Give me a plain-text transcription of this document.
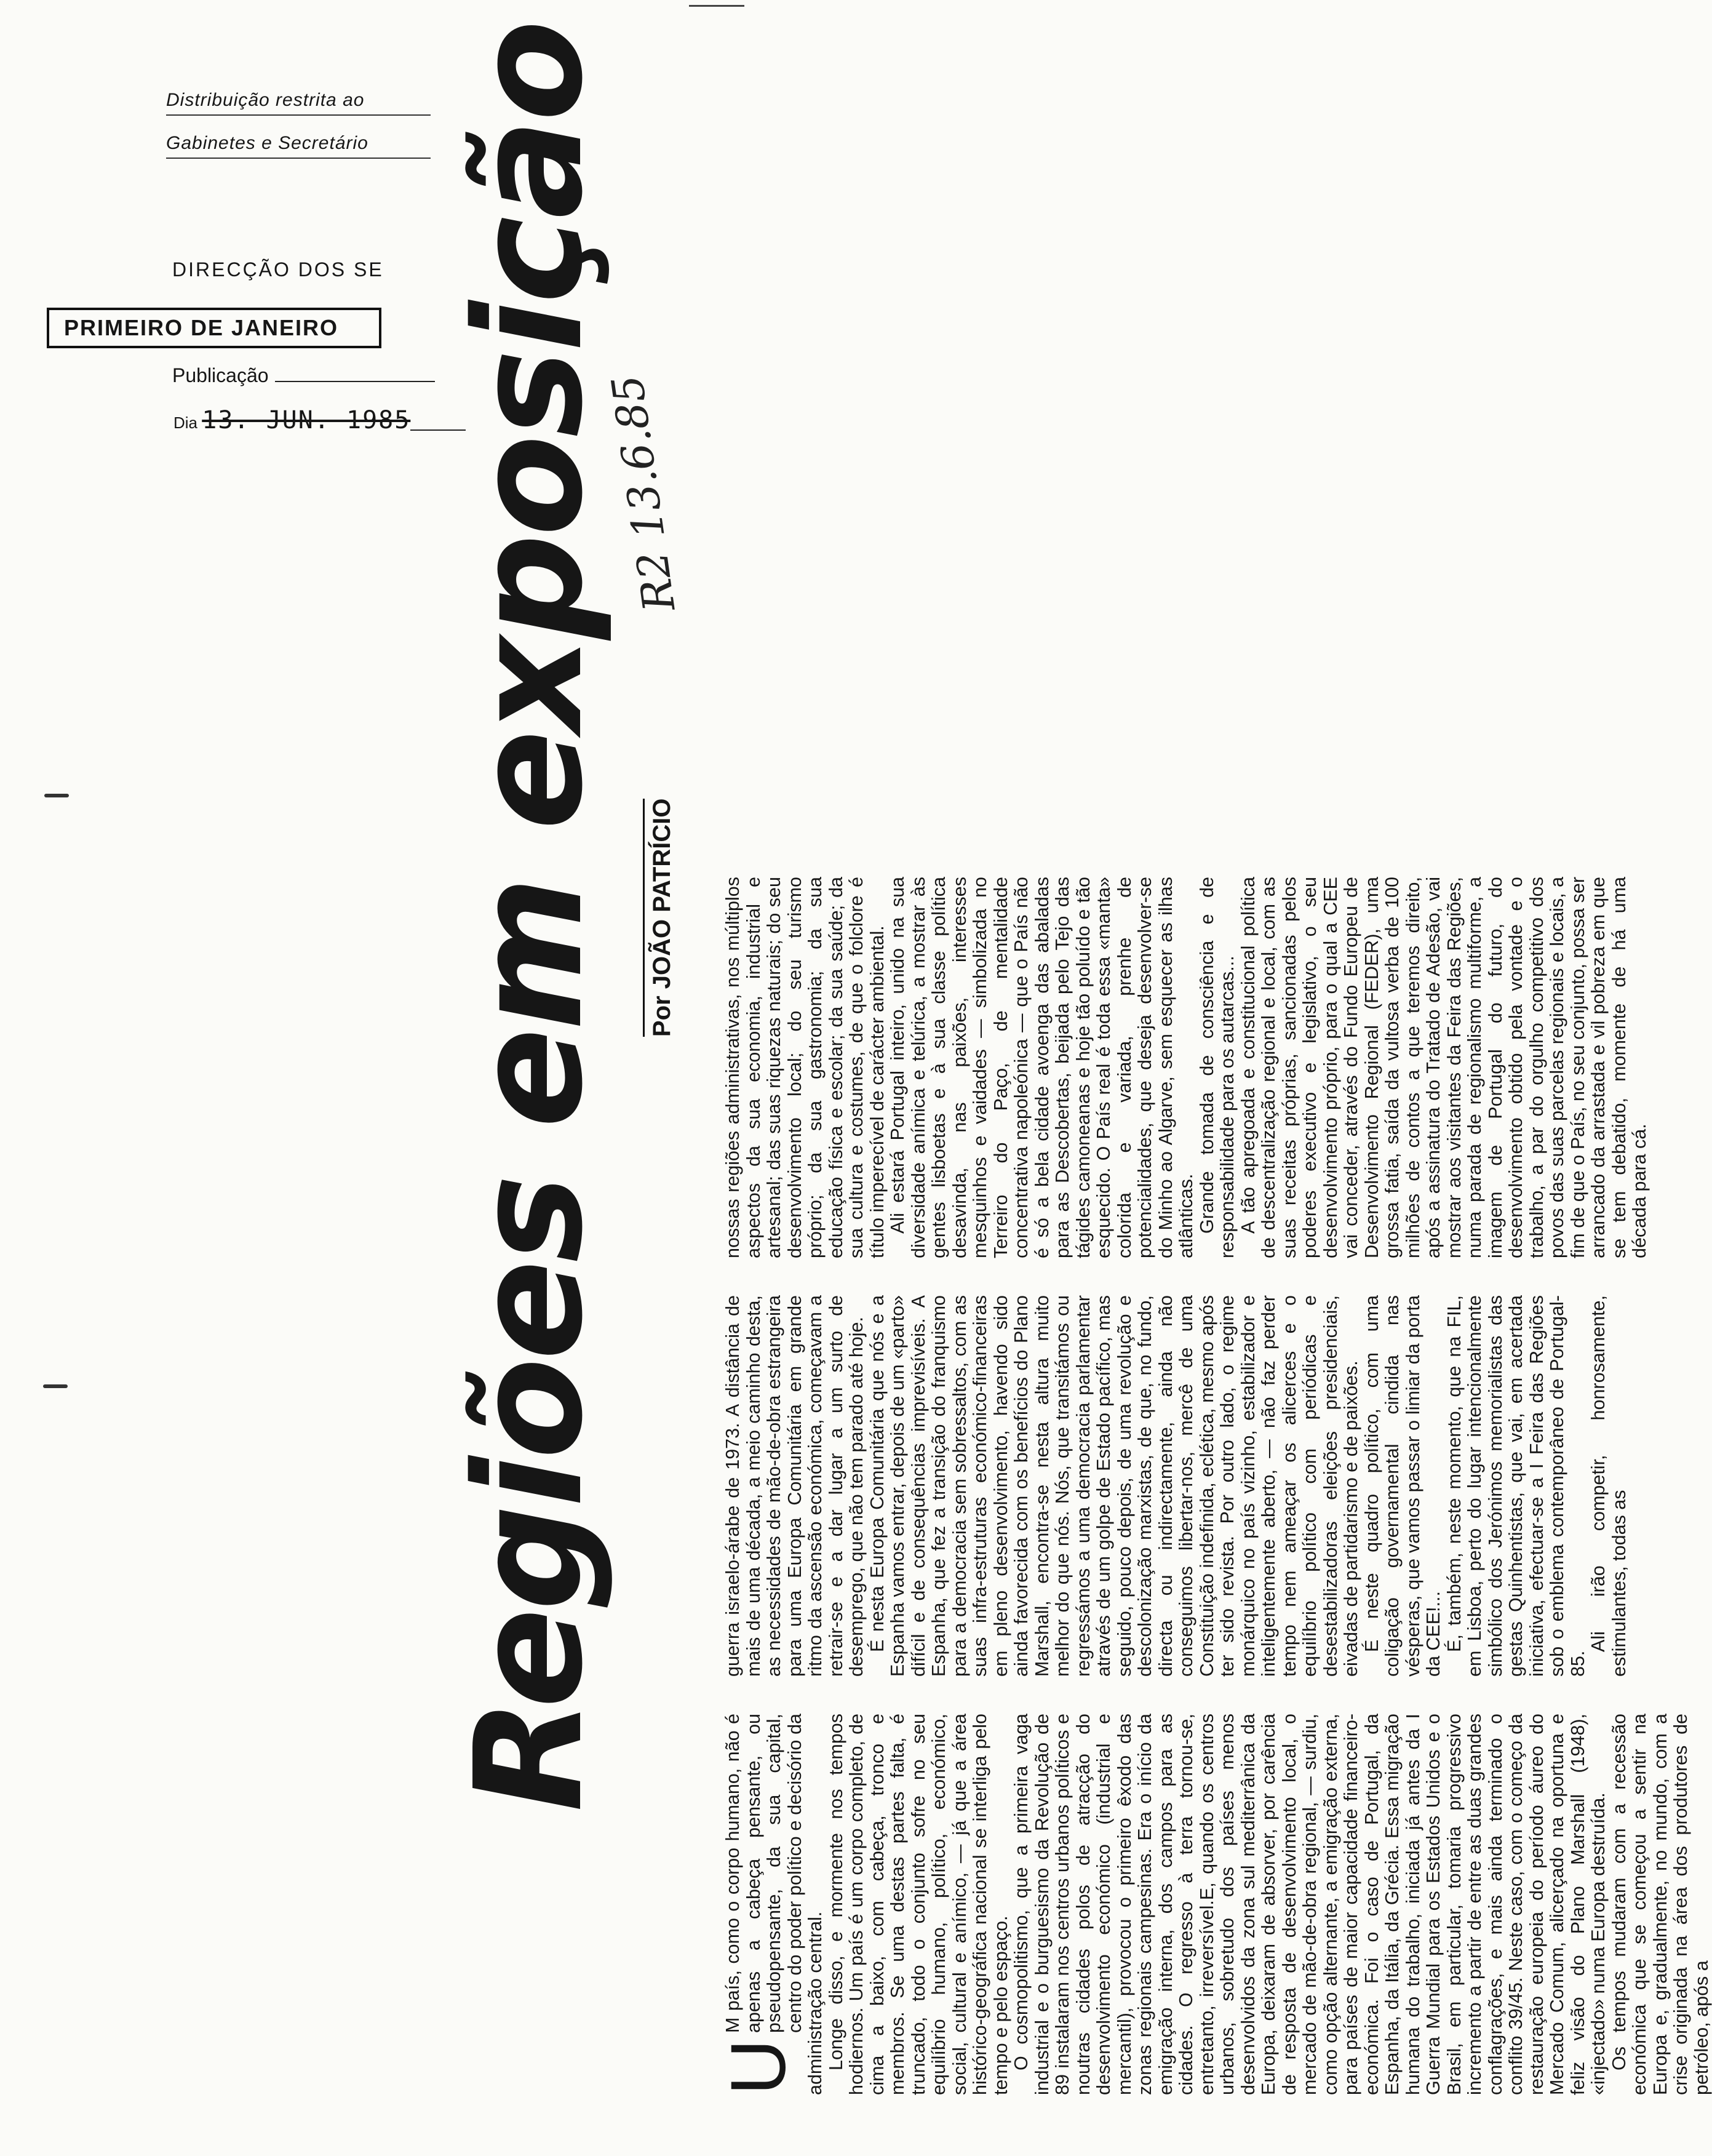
Distribuição restrita ao
Gabinetes e Secretário
DIRECÇÃO DOS SE
PRIMEIRO DE JANEIRO
Publicação
Dia 13. JUN. 1985 Regiões em exposição Por JOÃO PATRÍCIO
R2 13.6.85

U
M país, como o corpo humano, não é apenas a cabeça pensante, ou pseudopensante, da sua capital, centro do poder político e decisório da administração central. Longe disso, e mormente nos tempos hodiernos. Um país é um corpo completo, de cima a baixo, com cabeça, tronco e membros. Se uma destas partes falta, é truncado, todo o conjunto sofre no seu equilíbrio humano, político, económico, social, cultural e anímico, — já que a área histórico-geográfica nacional se interliga pelo tempo e pelo espaço. O cosmopolitismo, que a primeira vaga industrial e o burguesismo da Revolução de 89 instalaram nos centros urbanos políticos e noutras cidades polos de atracção do desenvolvimento económico (industrial e mercantil), provocou o primeiro êxodo das zonas regionais campesinas. Era o início da emigração interna, dos campos para as cidades. O regresso à terra tornou-se, entretanto, irreversível.E, quando os centros urbanos, sobretudo dos países menos desenvolvidos da zona sul mediterrânica da Europa, deixaram de absorver, por carência de resposta de desenvolvimento local, o mercado de mão-de-obra regional, — surdiu, como opção alternante, a emigração externa, para países de maior capacidade financeiro-económica. Foi o caso de Portugal, da Espanha, da Itália, da Grécia. Essa migração humana do trabalho, iniciada já antes da I Guerra Mundial para os Estados Unidos e o Brasil, em particular, tomaria progressivo incremento a partir de entre as duas grandes conflagrações, e mais ainda terminado o conflito 39/45. Neste caso, com o começo da restauração europeia do período áureo do Mercado Comum, alicerçado na oportuna e feliz visão do Plano Marshall (1948), «injectado» numa Europa destruída. Os tempos mudaram com a recessão económica que se começou a sentir na Europa e, gradualmente, no mundo, com a crise originada na área dos produtores de petróleo, após a

guerra israelo-árabe de 1973. A distância de mais de uma década, a meio caminho desta, as necessidades de mão-de-obra estrangeira para uma Europa Comunitária em grande ritmo da ascensão económica, começavam a retrair-se e a dar lugar a um surto de desemprego, que não tem parado até hoje. É nesta Europa Comunitária que nós e a Espanha vamos entrar, depois de um «parto» difícil e de consequências imprevisíveis. A Espanha, que fez a transição do franquismo para a democracia sem sobressaltos, com as suas infra-estruturas económico-financeiras em pleno desenvolvimento, havendo sido ainda favorecida com os benefícios do Plano Marshall, encontra-se nesta altura muito melhor do que nós. Nós, que transitámos ou regressámos a uma democracia parlamentar através de um golpe de Estado pacífico, mas seguido, pouco depois, de uma revolução e descolonização marxistas, de que, no fundo, directa ou indirectamente, ainda não conseguimos libertar-nos, mercê de uma Constituição indefinida, eclética, mesmo após ter sido revista. Por outro lado, o regime monárquico no país vizinho, estabilizador e inteligentemente aberto, — não faz perder tempo nem ameaçar os alicerces e o equilíbrio político com periódicas e desestabilizadoras eleições presidenciais, eivadas de partidarismo e de paixões. É neste quadro político, com uma coligação governamental cindida nas vésperas, que vamos passar o limiar da porta da CEE!... É, também, neste momento, que na FIL, em Lisboa, perto do lugar intencionalmente simbólico dos Jerónimos memorialistas das gestas Quinhentistas, que vai, em acertada iniciativa, efectuar-se a I Feira das Regiões sob o emblema contemporâneo de Portugal-85.

Ali irão competir, honrosamente, estimulantes, todas as

nossas regiões administrativas, nos múltiplos aspectos da sua economia, industrial e artesanal; das suas riquezas naturais; do seu desenvolvimento local; do seu turismo próprio; da sua gastronomia; da sua educação física e escolar; da sua saúde; da sua cultura e costumes, de que o folclore é título imperecível de carácter ambiental. Ali estará Portugal inteiro, unido na sua diversidade anímica e telúrica, a mostrar às gentes lisboetas e à sua classe política desavinda, nas paixões, interesses mesquinhos e vaidades — simbolizada no Terreiro do Paço, de mentalidade concentrativa napoleónica — que o País não é só a bela cidade avoenga das abaladas para as Descobertas, beijada pelo Tejo das tágides camoneanas e hoje tão poluído e tão esquecido. O País real é toda essa «manta» colorida e variada, prenhe de potencialidades, que deseja desenvolver-se do Minho ao Algarve, sem esquecer as ilhas atlânticas. Grande tomada de consciência e de responsabilidade para os autarcas... A tão apregoada e constitucional política de descentralização regional e local, com as suas receitas próprias, sancionadas pelos poderes executivo e legislativo, o seu desenvolvimento próprio, para o qual a CEE vai conceder, através do Fundo Europeu de Desenvolvimento Regional (FEDER), uma grossa fatia, saída da vultosa verba de 100 milhões de contos a que teremos direito, após a assinatura do Tratado de Adesão, vai mostrar aos visitantes da Feira das Regiões, numa parada de regionalismo multiforme, a imagem de Portugal do futuro, do desenvolvimento obtido pela vontade e o trabalho, a par do orgulho competitivo dos povos das suas parcelas regionais e locais, a fim de que o País, no seu conjunto, possa ser arrancado da arrastada e vil pobreza em que se tem debatido, momente de há uma década para cá.
